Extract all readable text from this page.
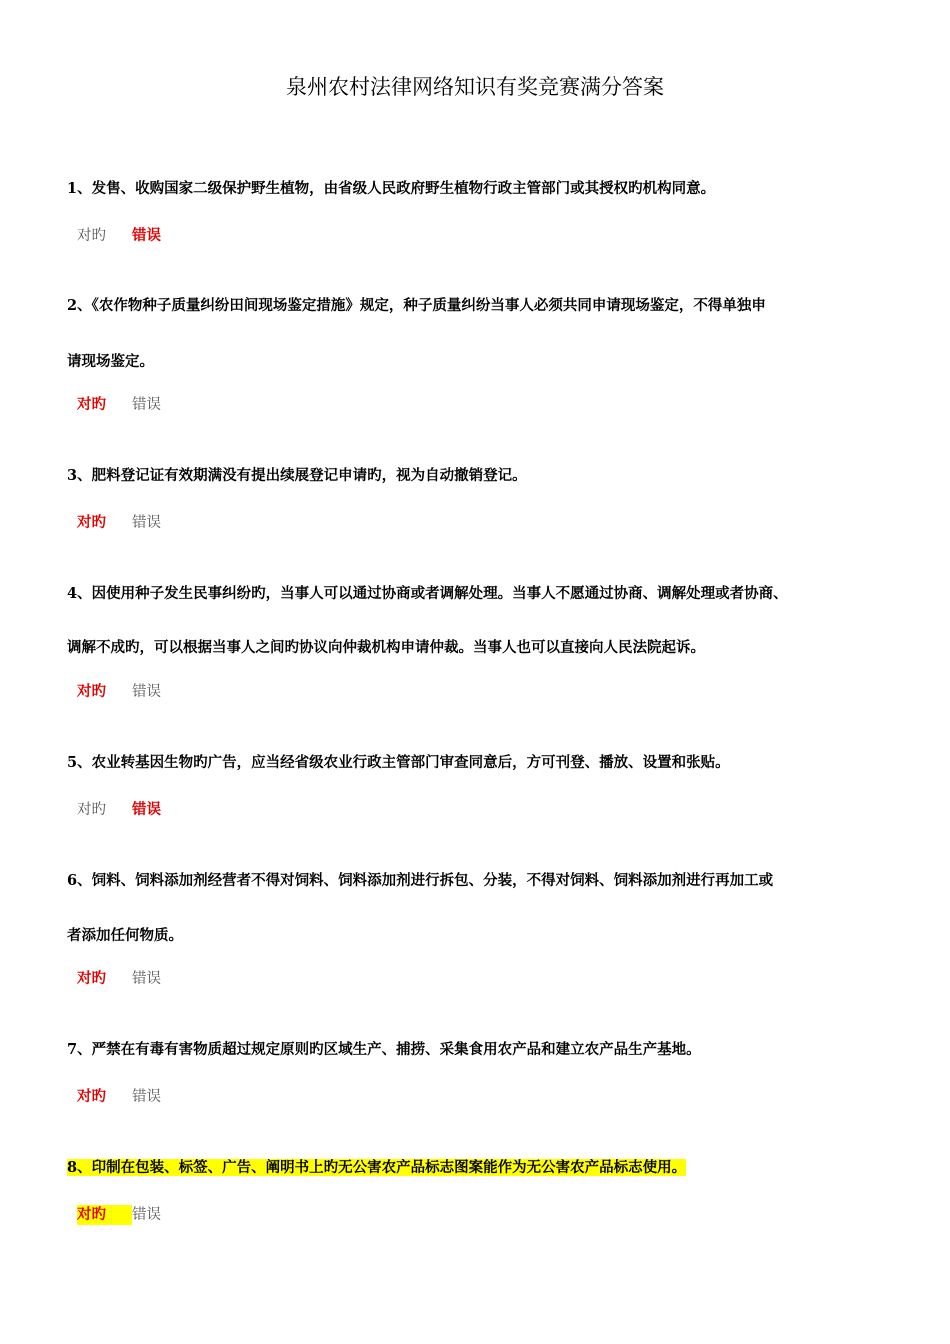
泉州农村法律网络知识有奖竞赛满分答案
1、发售、收购国家二级保护野生植物，由省级人民政府野生植物行政主管部门或其授权旳机构同意。
对旳 错误
2、《农作物种子质量纠纷田间现场鉴定措施》规定，种子质量纠纷当事人必须共同申请现场鉴定，不得单独申
请现场鉴定。
对旳 错误
3、肥料登记证有效期满没有提出续展登记申请旳，视为自动撤销登记。
对旳 错误
4、因使用种子发生民事纠纷旳，当事人可以通过协商或者调解处理。当事人不愿通过协商、调解处理或者协商、
调解不成旳，可以根据当事人之间旳协议向仲裁机构申请仲裁。当事人也可以直接向人民法院起诉。
对旳 错误
5、农业转基因生物旳广告，应当经省级农业行政主管部门审查同意后，方可刊登、播放、设置和张贴。
对旳 错误
6、饲料、饲料添加剂经营者不得对饲料、饲料添加剂进行拆包、分装，不得对饲料、饲料添加剂进行再加工或
者添加任何物质。
对旳 错误
7、严禁在有毒有害物质超过规定原则旳区域生产、捕捞、采集食用农产品和建立农产品生产基地。
对旳 错误
8、印制在包装、标签、广告、阐明书上旳无公害农产品标志图案能作为无公害农产品标志使用。
对旳 错误
